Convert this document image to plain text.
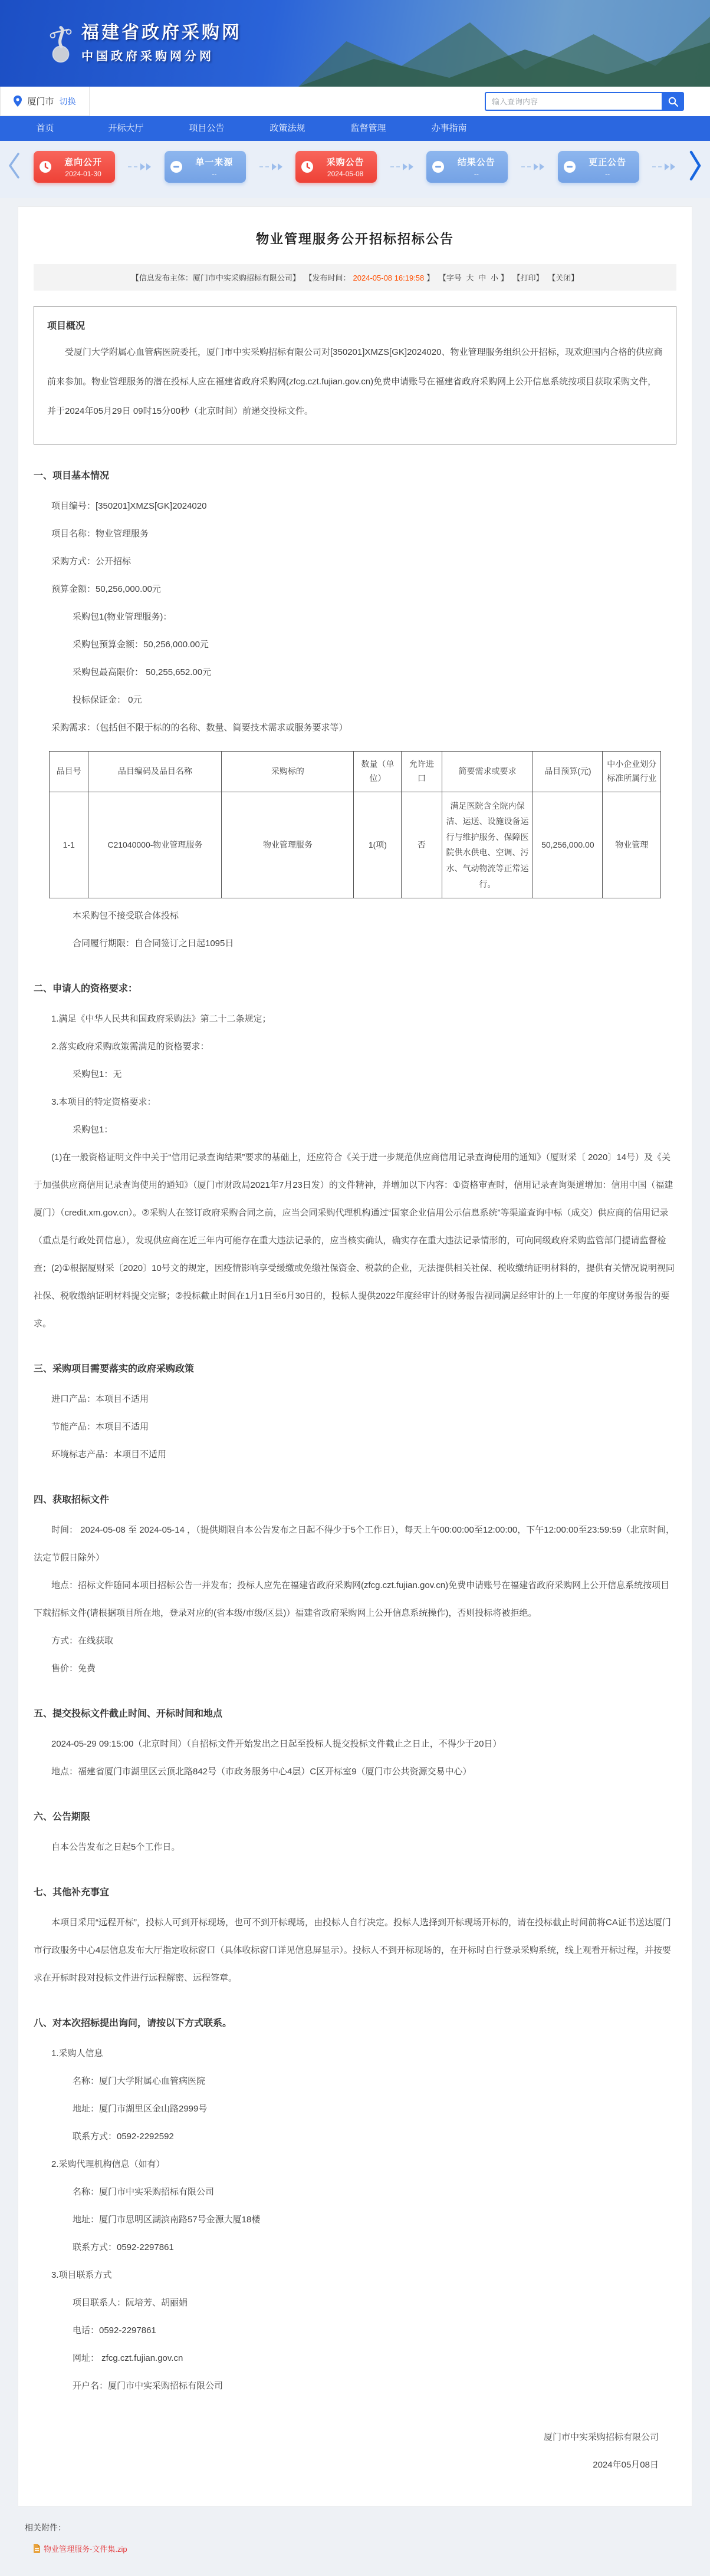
福建省政府采购网
中国政府采购网分网
厦门市 切换
输入查询内容
首页	开标大厅	项目公告	政策法规	监督管理	办事指南
意向公开
2024-01-30
单一来源
--
采购公告
2024-05-08
结果公告
--
更正公告
--
物业管理服务公开招标招标公告
【信息发布主体：厦门市中实采购招标有限公司】 【发布时间： 2024-05-08 16:19:58 】 【字号 大 中 小 】 【打印】 【关闭】
项目概况

受厦门大学附属心血管病医院委托，厦门市中实采购招标有限公司对[350201]XMZS[GK]2024020、物业管理服务组织公开招标，现欢迎国内合格的供应商前来参加。物业管理服务的潜在投标人应在福建省政府采购网(zfcg.czt.fujian.gov.cn)免费申请账号在福建省政府采购网上公开信息系统按项目获取采购文件，并于2024年05月29日 09时15分00秒（北京时间）前递交投标文件。

一、项目基本情况

项目编号：[350201]XMZS[GK]2024020

项目名称：物业管理服务

采购方式：公开招标

预算金额：50,256,000.00元

采购包1(物业管理服务)：

采购包预算金额：50,256,000.00元

采购包最高限价： 50,255,652.00元

投标保证金： 0元

采购需求：（包括但不限于标的的名称、数量、简要技术需求或服务要求等）

品目号	品目编码及品目名称	采购标的	数量（单位）	允许进口	简要需求或要求	品目预算(元)	中小企业划分标准所属行业
1-1	C21040000-物业管理服务	物业管理服务	1(项)	否	满足医院含全院内保洁、运送、设施设备运行与维护服务、保障医院供水供电、空调、污水、气动物流等正常运行。	50,256,000.00	物业管理

本采购包不接受联合体投标

合同履行期限：自合同签订之日起1095日

二、申请人的资格要求：

1.满足《中华人民共和国政府采购法》第二十二条规定；

2.落实政府采购政策需满足的资格要求：

采购包1：无

3.本项目的特定资格要求：

采购包1：

(1)在一般资格证明文件中关于“信用记录查询结果”要求的基础上，还应符合《关于进一步规范供应商信用记录查询使用的通知》（厦财采〔 2020〕14号）及《关于加强供应商信用记录查询使用的通知》（厦门市财政局2021年7月23日发）的文件精神，并增加以下内容：①资格审查时，信用记录查询渠道增加：信用中国（福建厦门）（credit.xm.gov.cn）。②采购人在签订政府采购合同之前，应当会同采购代理机构通过“国家企业信用公示信息系统”等渠道查询中标（成交）供应商的信用记录（重点是行政处罚信息），发现供应商在近三年内可能存在重大违法记录的，应当核实确认，确实存在重大违法记录情形的，可向同级政府采购监管部门提请监督检查；(2)①根据厦财采〔2020〕10号文的规定，因疫情影响享受缓缴或免缴社保资金、税款的企业，无法提供相关社保、税收缴纳证明材料的，提供有关情况说明视同社保、税收缴纳证明材料提交完整；②投标截止时间在1月1日至6月30日的，投标人提供2022年度经审计的财务报告视同满足经审计的上一年度的年度财务报告的要求。

三、采购项目需要落实的政府采购政策

进口产品：本项目不适用

节能产品：本项目不适用

环境标志产品：本项目不适用

四、获取招标文件

时间： 2024-05-08 至 2024-05-14 ，（提供期限自本公告发布之日起不得少于5个工作日），每天上午00:00:00至12:00:00，下午12:00:00至23:59:59（北京时间，法定节假日除外）

地点：招标文件随同本项目招标公告一并发布；投标人应先在福建省政府采购网(zfcg.czt.fujian.gov.cn)免费申请账号在福建省政府采购网上公开信息系统按项目下载招标文件(请根据项目所在地，登录对应的(省本级/市级/区县)）福建省政府采购网上公开信息系统操作)，否则投标将被拒绝。

方式：在线获取

售价：免费

五、提交投标文件截止时间、开标时间和地点

2024-05-29 09:15:00（北京时间）（自招标文件开始发出之日起至投标人提交投标文件截止之日止，不得少于20日）

地点：福建省厦门市湖里区云顶北路842号（市政务服务中心4层）C区开标室9（厦门市公共资源交易中心）

六、公告期限

自本公告发布之日起5个工作日。

七、其他补充事宜

本项目采用“远程开标”，投标人可到开标现场，也可不到开标现场，由投标人自行决定。投标人选择到开标现场开标的，请在投标截止时间前将CA证书送达厦门市行政服务中心4层信息发布大厅指定收标窗口（具体收标窗口详见信息屏显示）。投标人不到开标现场的，在开标时自行登录采购系统，线上观看开标过程，并按要求在开标时段对投标文件进行远程解密、远程签章。

八、对本次招标提出询问，请按以下方式联系。

1.采购人信息

名称：厦门大学附属心血管病医院

地址：厦门市湖里区金山路2999号

联系方式：0592-2292592

2.采购代理机构信息（如有）

名称：厦门市中实采购招标有限公司

地址：厦门市思明区湖滨南路57号金源大厦18楼

联系方式：0592-2297861

3.项目联系方式

项目联系人：阮培芳、胡丽娟

电话：0592-2297861

网址： zfcg.czt.fujian.gov.cn

开户名：厦门市中实采购招标有限公司

厦门市中实采购招标有限公司

2024年05月08日

相关附件：
物业管理服务-文件集.zip
